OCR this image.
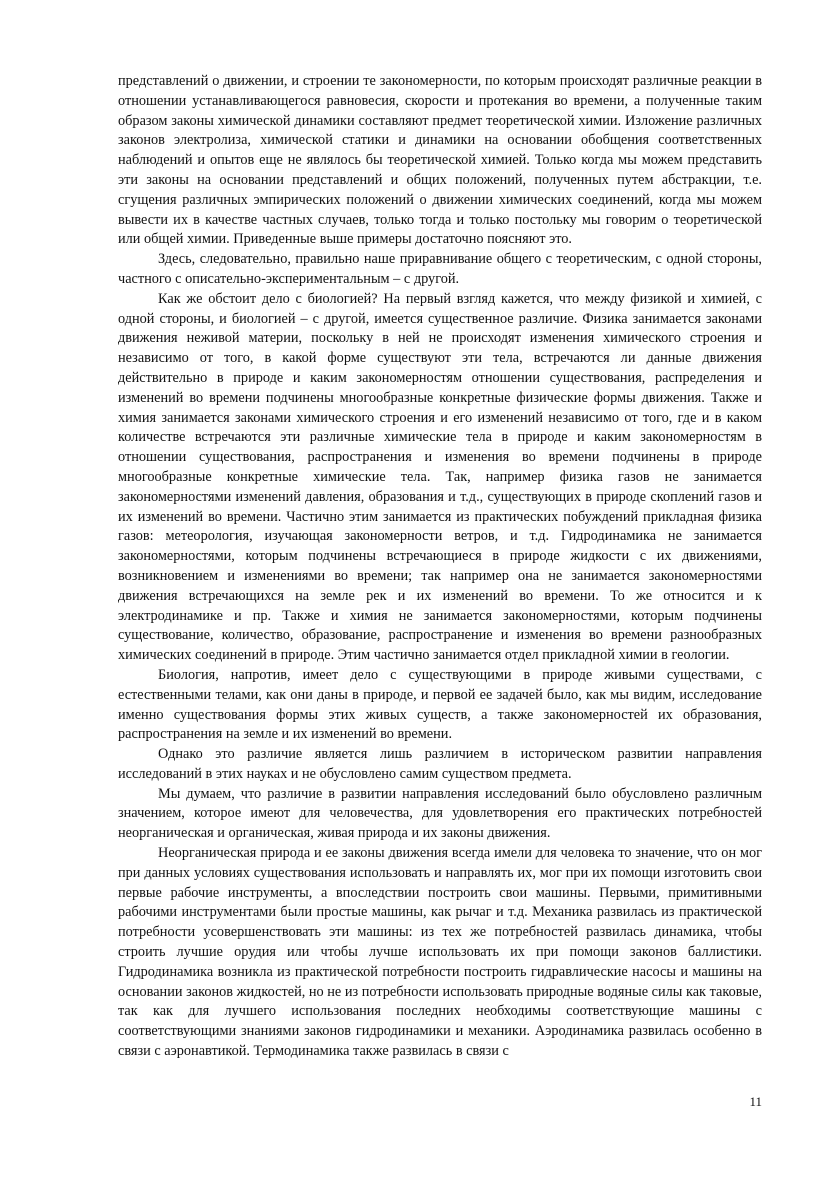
представлений о движении, и строении те закономерности, по которым происходят различные реакции в отношении устанавливающегося равновесия, скорости и протекания во времени, а полученные таким образом законы химической динамики составляют предмет теоретической химии. Изложение различных законов электролиза, химической статики и динамики на основании обобщения соответственных наблюдений и опытов еще не являлось бы теоретической химией. Только когда мы можем представить эти законы на основании представлений и общих положений, полученных путем абстракции, т.е. сгущения различных эмпирических положений о движении химических соединений, когда мы можем вывести их в качестве частных случаев, только тогда и только постольку мы говорим о теоретической или общей химии. Приведенные выше примеры достаточно поясняют это.

Здесь, следовательно, правильно наше приравнивание общего с теоретическим, с одной стороны, частного с описательно-экспериментальным – с другой.

Как же обстоит дело с биологией? На первый взгляд кажется, что между физикой и химией, с одной стороны, и биологией – с другой, имеется существенное различие. Физика занимается законами движения неживой материи, поскольку в ней не происходят изменения химического строения и независимо от того, в какой форме существуют эти тела, встречаются ли данные движения действительно в природе и каким закономерностям отношении существования, распределения и изменений во времени подчинены многообразные конкретные физические формы движения. Также и химия занимается законами химического строения и его изменений независимо от того, где и в каком количестве встречаются эти различные химические тела в природе и каким закономерностям в отношении существования, распространения и изменения во времени подчинены в природе многообразные конкретные химические тела. Так, например физика газов не занимается закономерностями изменений давления, образования и т.д., существующих в природе скоплений газов и их изменений во времени. Частично этим занимается из практических побуждений прикладная физика газов: метеорология, изучающая закономерности ветров, и т.д. Гидродинамика не занимается закономерностями, которым подчинены встречающиеся в природе жидкости с их движениями, возникновением и изменениями во времени; так например она не занимается закономерностями движения встречающихся на земле рек и их изменений во времени. То же относится и к электродинамике и пр. Также и химия не занимается закономерностями, которым подчинены существование, количество, образование, распространение и изменения во времени разнообразных химических соединений в природе. Этим частично занимается отдел прикладной химии в геологии.

Биология, напротив, имеет дело с существующими в природе живыми существами, с естественными телами, как они даны в природе, и первой ее задачей было, как мы видим, исследование именно существования формы этих живых существ, а также закономерностей их образования, распространения на земле и их изменений во времени.

Однако это различие является лишь различием в историческом развитии направления исследований в этих науках и не обусловлено самим существом предмета.

Мы думаем, что различие в развитии направления исследований было обусловлено различным значением, которое имеют для человечества, для удовлетворения его практических потребностей неорганическая и органическая, живая природа и их законы движения.

Неорганическая природа и ее законы движения всегда имели для человека то значение, что он мог при данных условиях существования использовать и направлять их, мог при их помощи изготовить свои первые рабочие инструменты, а впоследствии построить свои машины. Первыми, примитивными рабочими инструментами были простые машины, как рычаг и т.д. Механика развилась из практической потребности усовершенствовать эти машины: из тех же потребностей развилась динамика, чтобы строить лучшие орудия или чтобы лучше использовать их при помощи законов баллистики. Гидродинамика возникла из практической потребности построить гидравлические насосы и машины на основании законов жидкостей, но не из потребности использовать природные водяные силы как таковые, так как для лучшего использования последних необходимы соответствующие машины с соответствующими знаниями законов гидродинамики и механики. Аэродинамика развилась особенно в связи с аэронавтикой. Термодинамика также развилась в связи с

11
